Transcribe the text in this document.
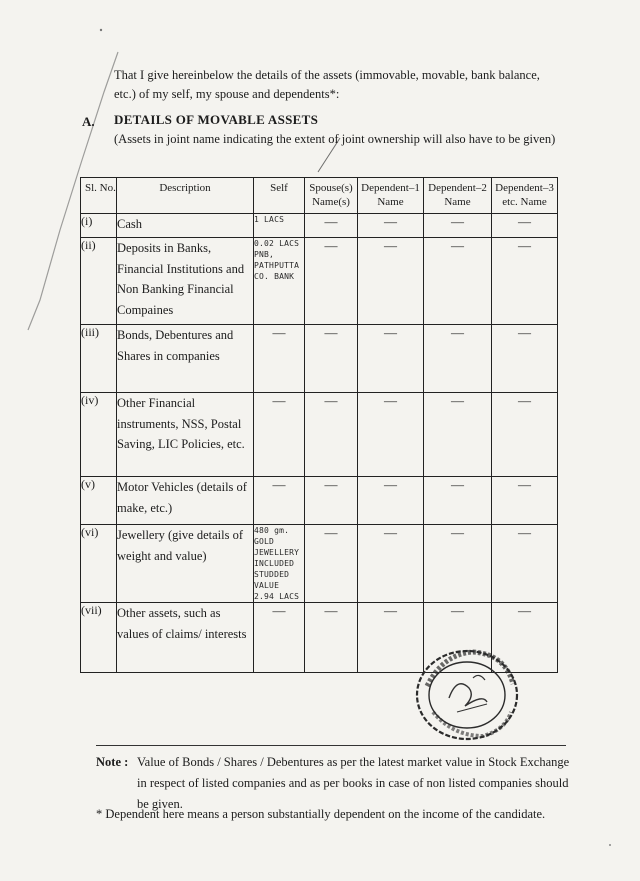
That I give hereinbelow the details of the assets (immovable, movable, bank balance, etc.) of my self, my spouse and dependents*:
A. DETAILS OF MOVABLE ASSETS
(Assets in joint name indicating the extent of joint ownership will also have to be given)
Sl. No.	Description	Self	Spouse(s) Name(s)	Dependent–1 Name	Dependent–2 Name	Dependent–3 etc. Name
(i)	Cash	1 LACS	—	—	—	—
(ii)	Deposits in Banks, Financial Institutions and Non Banking Financial Compaines	0.02 LACS PNB, PATHPUTTA CO. BANK	—	—	—	—
(iii)	Bonds, Debentures and Shares in companies	—	—	—	—	—
(iv)	Other Financial instruments, NSS, Postal Saving, LIC Policies, etc.	—	—	—	—	—
(v)	Motor Vehicles (details of make, etc.)	—	—	—	—	—
(vi)	Jewellery (give details of weight and value)	480 gm. GOLD JEWELLERY INCLUDED STUDDED VALUE 2.94 LACS	—	—	—	—
(vii)	Other assets, such as values of claims/ interests	—	—	—	—	—
Note : Value of Bonds / Shares / Debentures as per the latest market value in Stock Exchange in respect of listed companies and as per books in case of non listed companies should be given.
* Dependent here means a person substantially dependent on the income of the candidate.
